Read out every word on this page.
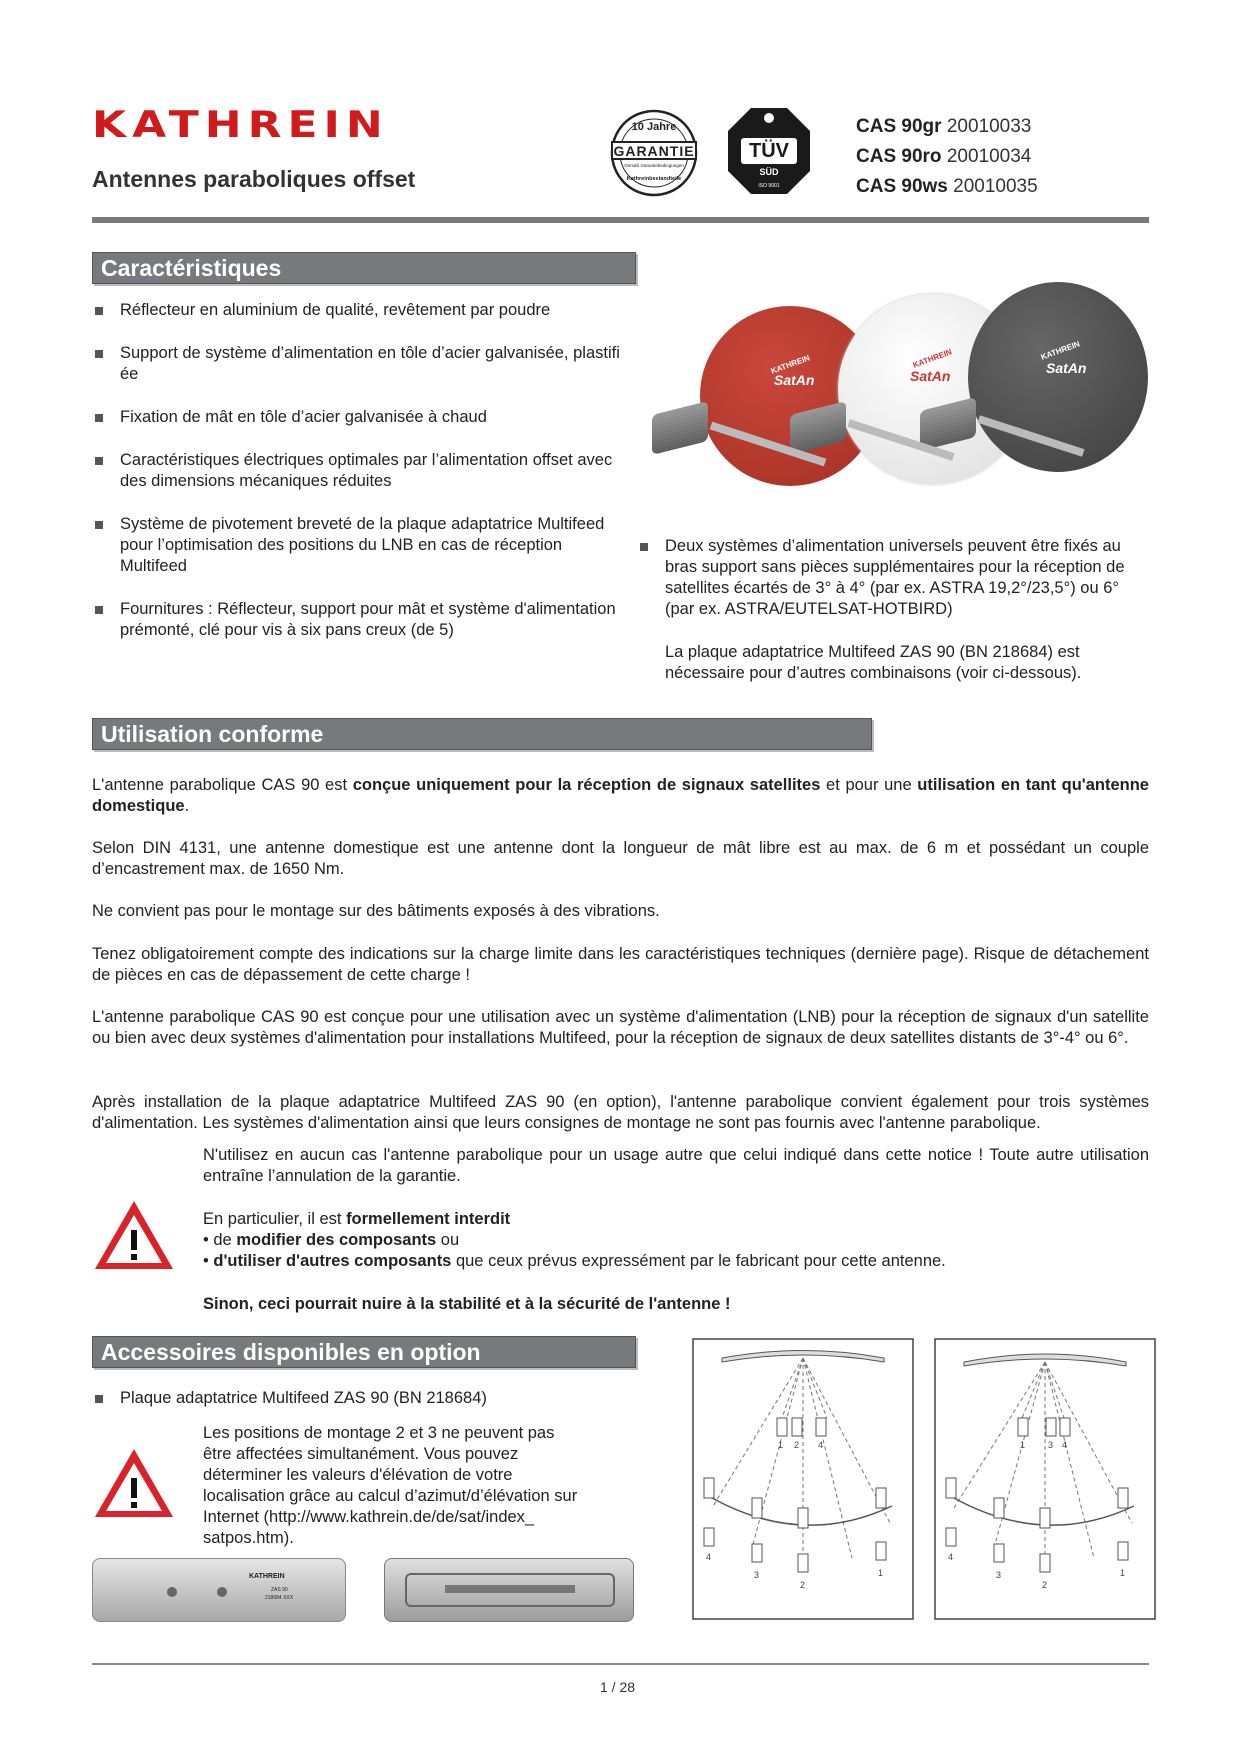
KATHREIN
Antennes paraboliques offset
10 Jahre
GARANTIE
Gemäß Garantiebedingungen
Kathreinbestandteile
TÜV
SÜD
ISO 9001
CAS 90gr 20010033
CAS 90ro 20010034
CAS 90ws 20010035
Caractéristiques
Réflecteur en aluminium de qualité, revêtement par poudre
Support de système d’alimentation en tôle d’acier galvanisée, plastifi ée
Fixation de mât en tôle d’acier galvanisée à chaud
Caractéristiques électriques optimales par l’alimentation offset avec des dimensions mécaniques réduites
Système de pivotement breveté de la plaque adaptatrice Multifeed pour l’optimisation des positions du LNB en cas de réception Multifeed
Fournitures : Réflecteur, support pour mât et système d'alimentation prémonté, clé pour vis à six pans creux (de 5)
KATHREIN
SatAn
KATHREIN
SatAn
KATHREIN
SatAn
Deux systèmes d’alimentation universels peuvent être fixés au bras support sans pièces supplémentaires pour la réception de satellites écartés de 3° à 4° (par ex. ASTRA 19,2°/23,5°) ou 6° (par ex. ASTRA/EUTELSAT-HOTBIRD)
La plaque adaptatrice Multifeed ZAS 90 (BN 218684) est nécessaire pour d’autres combinaisons (voir ci-dessous).
Utilisation conforme
L'antenne parabolique CAS 90 est conçue uniquement pour la réception de signaux satellites et pour une utilisation en tant qu'antenne domestique.
Selon DIN 4131, une antenne domestique est une antenne dont la longueur de mât libre est au max. de 6 m et possédant un couple d’encastrement max. de 1650 Nm.
Ne convient pas pour le montage sur des bâtiments exposés à des vibrations.
Tenez obligatoirement compte des indications sur la charge limite dans les caractéristiques techniques (dernière page). Risque de détachement de pièces en cas de dépassement de cette charge !
L'antenne parabolique CAS 90 est conçue pour une utilisation avec un système d'alimentation (LNB) pour la réception de signaux d'un satellite ou bien avec deux systèmes d'alimentation pour installations Multifeed, pour la réception de signaux de deux satellites distants de 3°-4° ou 6°.
Après installation de la plaque adaptatrice Multifeed ZAS 90 (en option), l'antenne parabolique convient également pour trois systèmes d'alimentation. Les systèmes d'alimentation ainsi que leurs consignes de montage ne sont pas fournis avec l'antenne parabolique.
N'utilisez en aucun cas l'antenne parabolique pour un usage autre que celui indiqué dans cette notice ! Toute autre utilisation entraîne l’annulation de la garantie.
En particulier, il est formellement interdit
• de modifier des composants ou
• d'utiliser d'autres composants que ceux prévus expressément par le fabricant pour cette antenne.
Sinon, ceci pourrait nuire à la stabilité et à la sécurité de l'antenne !
Accessoires disponibles en option
Plaque adaptatrice Multifeed ZAS 90 (BN 218684)
Les positions de montage 2 et 3 ne peuvent pas être affectées simultanément. Vous pouvez déterminer les valeurs d'élévation de votre localisation grâce au calcul d’azimut/d’élévation sur Internet (http://www.kathrein.de/de/sat/index_ satpos.htm).
KATHREIN
ZAS 90
218684 XXX
1 2 4
4
3
2
1
1	3 4
4
3
2
1
1 / 28
